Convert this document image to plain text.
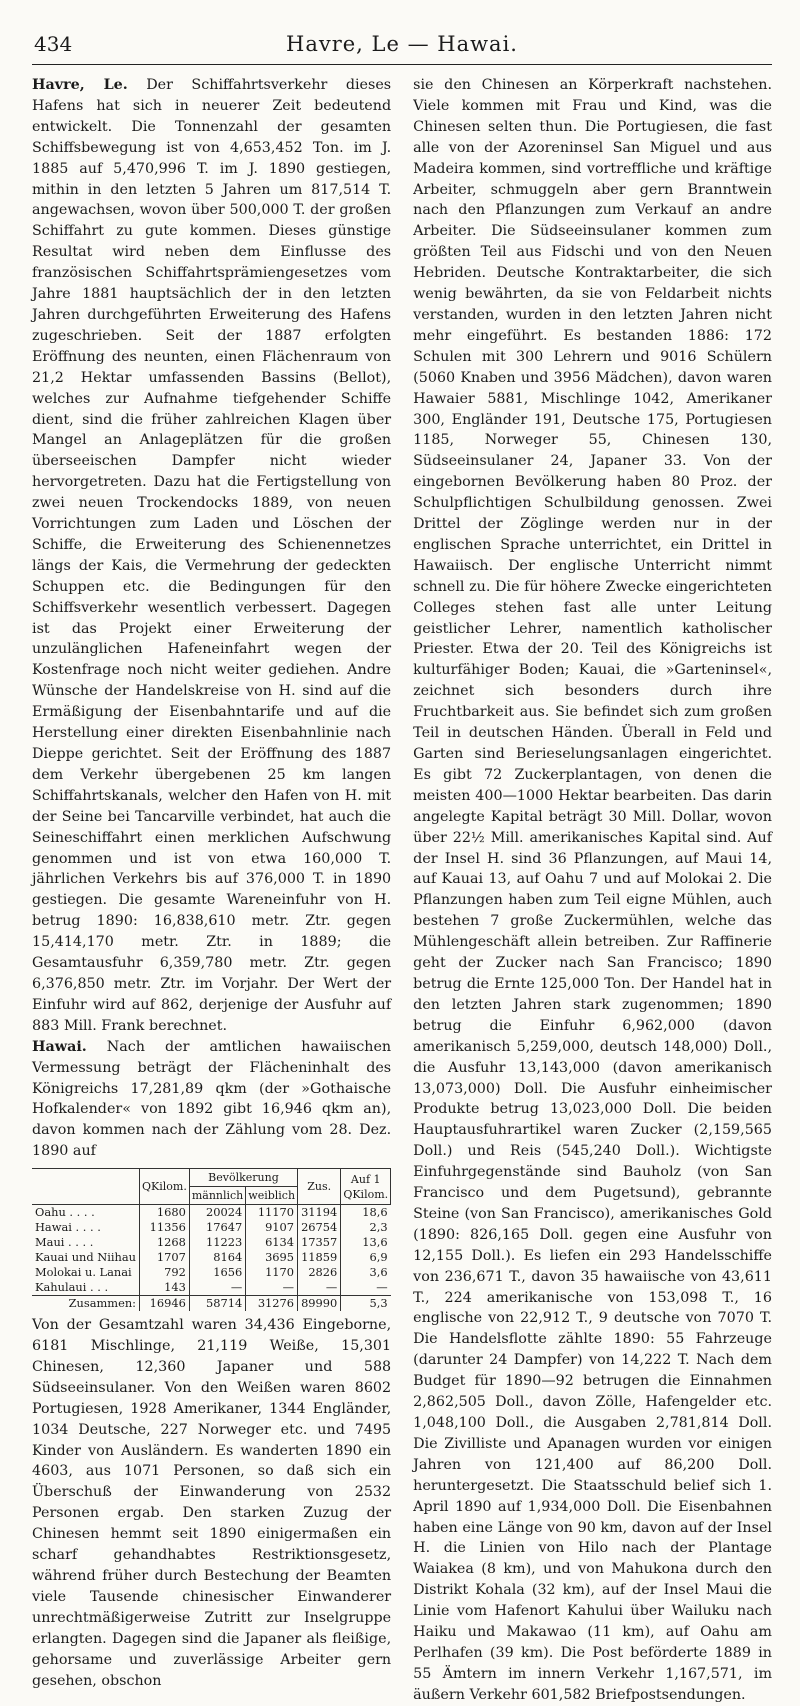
434	Havre, Le — Hawai.

Havre, Le. Der Schiffahrtsverkehr dieses Hafens hat sich in neuerer Zeit bedeutend entwickelt. Die Tonnenzahl der gesamten Schiffsbewegung ist von 4,653,452 Ton. im J. 1885 auf 5,470,996 T. im J. 1890 gestiegen, mithin in den letzten 5 Jahren um 817,514 T. angewachsen, wovon über 500,000 T. der großen Schiffahrt zu gute kommen. Dieses günstige Resultat wird neben dem Einflusse des französischen Schiffahrtsprämiengesetzes vom Jahre 1881 hauptsächlich der in den letzten Jahren durchgeführten Erweiterung des Hafens zugeschrieben. Seit der 1887 erfolgten Eröffnung des neunten, einen Flächenraum von 21,2 Hektar umfassenden Bassins (Bellot), welches zur Aufnahme tiefgehender Schiffe dient, sind die früher zahlreichen Klagen über Mangel an Anlageplätzen für die großen überseeischen Dampfer nicht wieder hervorgetreten. Dazu hat die Fertigstellung von zwei neuen Trockendocks 1889, von neuen Vorrichtungen zum Laden und Löschen der Schiffe, die Erweiterung des Schienennetzes längs der Kais, die Vermehrung der gedeckten Schuppen etc. die Bedingungen für den Schiffsverkehr wesentlich verbessert. Dagegen ist das Projekt einer Erweiterung der unzulänglichen Hafeneinfahrt wegen der Kostenfrage noch nicht weiter gediehen. Andre Wünsche der Handelskreise von H. sind auf die Ermäßigung der Eisenbahntarife und auf die Herstellung einer direkten Eisenbahnlinie nach Dieppe gerichtet. Seit der Eröffnung des 1887 dem Verkehr übergebenen 25 km langen Schiffahrtskanals, welcher den Hafen von H. mit der Seine bei Tancarville verbindet, hat auch die Seineschiffahrt einen merklichen Aufschwung genommen und ist von etwa 160,000 T. jährlichen Verkehrs bis auf 376,000 T. in 1890 gestiegen. Die gesamte Wareneinfuhr von H. betrug 1890: 16,838,610 metr. Ztr. gegen 15,414,170 metr. Ztr. in 1889; die Gesamtausfuhr 6,359,780 metr. Ztr. gegen 6,376,850 metr. Ztr. im Vorjahr. Der Wert der Einfuhr wird auf 862, derjenige der Ausfuhr auf 883 Mill. Frank berechnet.

Hawai. Nach der amtlichen hawaiischen Vermessung beträgt der Flächeninhalt des Königreichs 17,281,89 qkm (der »Gothaische Hofkalender« von 1892 gibt 16,946 qkm an), davon kommen nach der Zählung vom 28. Dez. 1890 auf

	QKilom.	Bevölkerung		Zus.	Auf 1 QKilom.
		männlich	weiblich		
Oahu . . . .	1680	20024	11170	31194	18,6
Hawai . . . .	11356	17647	9107	26754	2,3
Maui . . . .	1268	11223	6134	17357	13,6
Kauai und Niihau	1707	8164	3695	11859	6,9
Molokai u. Lanai	792	1656	1170	2826	3,6
Kahulaui . . .	143	—	—	—	—
Zusammen:	16946	58714	31276	89990	5,3

Von der Gesamtzahl waren 34,436 Eingeborne, 6181 Mischlinge, 21,119 Weiße, 15,301 Chinesen, 12,360 Japaner und 588 Südseeinsulaner. Von den Weißen waren 8602 Portugiesen, 1928 Amerikaner, 1344 Engländer, 1034 Deutsche, 227 Norweger etc. und 7495 Kinder von Ausländern. Es wanderten 1890 ein 4603, aus 1071 Personen, so daß sich ein Überschuß der Einwanderung von 2532 Personen ergab. Den starken Zuzug der Chinesen hemmt seit 1890 einigermaßen ein scharf gehandhabtes Restriktionsgesetz, während früher durch Bestechung der Beamten viele Tausende chinesischer Einwanderer unrechtmäßigerweise Zutritt zur Inselgruppe erlangten. Dagegen sind die Japaner als fleißige, gehorsame und zuverlässige Arbeiter gern gesehen, obschon

sie den Chinesen an Körperkraft nachstehen. Viele kommen mit Frau und Kind, was die Chinesen selten thun. Die Portugiesen, die fast alle von der Azoreninsel San Miguel und aus Madeira kommen, sind vortreffliche und kräftige Arbeiter, schmuggeln aber gern Branntwein nach den Pflanzungen zum Verkauf an andre Arbeiter. Die Südseeinsulaner kommen zum größten Teil aus Fidschi und von den Neuen Hebriden. Deutsche Kontraktarbeiter, die sich wenig bewährten, da sie von Feldarbeit nichts verstanden, wurden in den letzten Jahren nicht mehr eingeführt. Es bestanden 1886: 172 Schulen mit 300 Lehrern und 9016 Schülern (5060 Knaben und 3956 Mädchen), davon waren Hawaier 5881, Mischlinge 1042, Amerikaner 300, Engländer 191, Deutsche 175, Portugiesen 1185, Norweger 55, Chinesen 130, Südseeinsulaner 24, Japaner 33. Von der eingebornen Bevölkerung haben 80 Proz. der Schulpflichtigen Schulbildung genossen. Zwei Drittel der Zöglinge werden nur in der englischen Sprache unterrichtet, ein Drittel in Hawaiisch. Der englische Unterricht nimmt schnell zu. Die für höhere Zwecke eingerichteten Colleges stehen fast alle unter Leitung geistlicher Lehrer, namentlich katholischer Priester. Etwa der 20. Teil des Königreichs ist kulturfähiger Boden; Kauai, die »Garteninsel«, zeichnet sich besonders durch ihre Fruchtbarkeit aus. Sie befindet sich zum großen Teil in deutschen Händen. Überall in Feld und Garten sind Berieselungsanlagen eingerichtet. Es gibt 72 Zuckerplantagen, von denen die meisten 400—1000 Hektar bearbeiten. Das darin angelegte Kapital beträgt 30 Mill. Dollar, wovon über 22½ Mill. amerikanisches Kapital sind. Auf der Insel H. sind 36 Pflanzungen, auf Maui 14, auf Kauai 13, auf Oahu 7 und auf Molokai 2. Die Pflanzungen haben zum Teil eigne Mühlen, auch bestehen 7 große Zuckermühlen, welche das Mühlengeschäft allein betreiben. Zur Raffinerie geht der Zucker nach San Francisco; 1890 betrug die Ernte 125,000 Ton. Der Handel hat in den letzten Jahren stark zugenommen; 1890 betrug die Einfuhr 6,962,000 (davon amerikanisch 5,259,000, deutsch 148,000) Doll., die Ausfuhr 13,143,000 (davon amerikanisch 13,073,000) Doll. Die Ausfuhr einheimischer Produkte betrug 13,023,000 Doll. Die beiden Hauptausfuhrartikel waren Zucker (2,159,565 Doll.) und Reis (545,240 Doll.). Wichtigste Einfuhrgegenstände sind Bauholz (von San Francisco und dem Pugetsund), gebrannte Steine (von San Francisco), amerikanisches Gold (1890: 826,165 Doll. gegen eine Ausfuhr von 12,155 Doll.). Es liefen ein 293 Handelsschiffe von 236,671 T., davon 35 hawaiische von 43,611 T., 224 amerikanische von 153,098 T., 16 englische von 22,912 T., 9 deutsche von 7070 T. Die Handelsflotte zählte 1890: 55 Fahrzeuge (darunter 24 Dampfer) von 14,222 T. Nach dem Budget für 1890—92 betrugen die Einnahmen 2,862,505 Doll., davon Zölle, Hafengelder etc. 1,048,100 Doll., die Ausgaben 2,781,814 Doll. Die Zivilliste und Apanagen wurden vor einigen Jahren von 121,400 auf 86,200 Doll. heruntergesetzt. Die Staatsschuld belief sich 1. April 1890 auf 1,934,000 Doll. Die Eisenbahnen haben eine Länge von 90 km, davon auf der Insel H. die Linien von Hilo nach der Plantage Waiakea (8 km), und von Mahukona durch den Distrikt Kohala (32 km), auf der Insel Maui die Linie vom Hafenort Kahului über Wailuku nach Haiku und Makawao (11 km), auf Oahu am Perlhafen (39 km). Die Post beförderte 1889 in 55 Ämtern im innern Verkehr 1,167,571, im äußern Verkehr 601,582 Briefpostsendungen.
